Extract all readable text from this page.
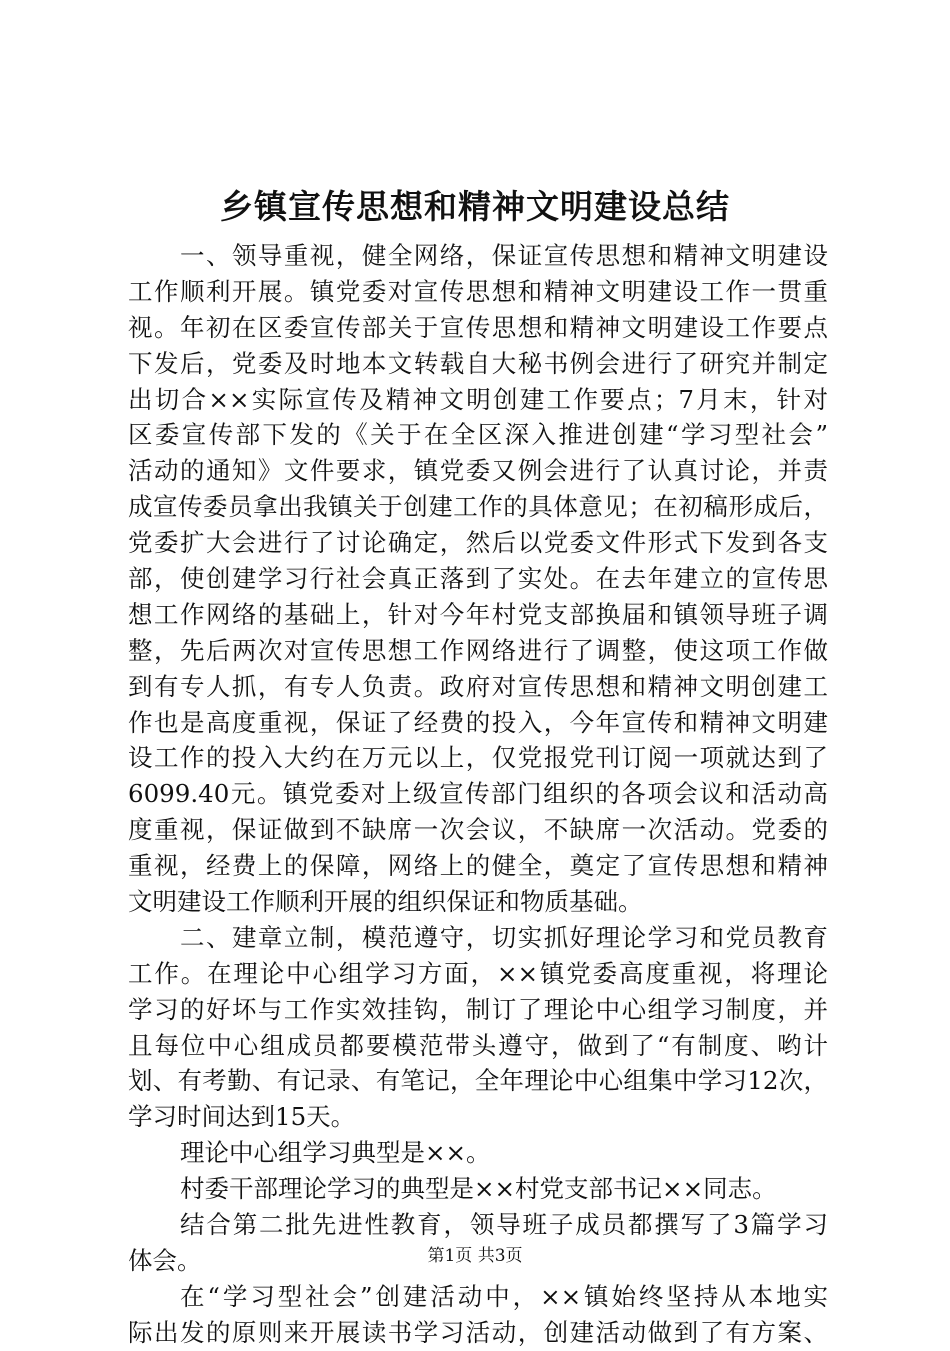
乡镇宣传思想和精神文明建设总结
一、领导重视，健全网络，保证宣传思想和精神文明建设
工作顺利开展。镇党委对宣传思想和精神文明建设工作一贯重
视。年初在区委宣传部关于宣传思想和精神文明建设工作要点
下发后，党委及时地本文转载自大秘书例会进行了研究并制定
出切合××实际宣传及精神文明创建工作要点；7月末，针对
区委宣传部下发的《关于在全区深入推进创建“学习型社会”
活动的通知》文件要求，镇党委又例会进行了认真讨论，并责
成宣传委员拿出我镇关于创建工作的具体意见；在初稿形成后，
党委扩大会进行了讨论确定，然后以党委文件形式下发到各支
部，使创建学习行社会真正落到了实处。在去年建立的宣传思
想工作网络的基础上，针对今年村党支部换届和镇领导班子调
整，先后两次对宣传思想工作网络进行了调整，使这项工作做
到有专人抓，有专人负责。政府对宣传思想和精神文明创建工
作也是高度重视，保证了经费的投入，今年宣传和精神文明建
设工作的投入大约在万元以上，仅党报党刊订阅一项就达到了
6099.40元。镇党委对上级宣传部门组织的各项会议和活动高
度重视，保证做到不缺席一次会议，不缺席一次活动。党委的
重视，经费上的保障，网络上的健全，奠定了宣传思想和精神
文明建设工作顺利开展的组织保证和物质基础。
二、建章立制，模范遵守，切实抓好理论学习和党员教育
工作。在理论中心组学习方面，××镇党委高度重视，将理论
学习的好坏与工作实效挂钩，制订了理论中心组学习制度，并
且每位中心组成员都要模范带头遵守，做到了“有制度、哟计
划、有考勤、有记录、有笔记，全年理论中心组集中学习12次，
学习时间达到15天。
理论中心组学习典型是××。
村委干部理论学习的典型是××村党支部书记××同志。
结合第二批先进性教育，领导班子成员都撰写了3篇学习
体会。
在“学习型社会”创建活动中，××镇始终坚持从本地实
际出发的原则来开展读书学习活动，创建活动做到了有方案、
第1页 共3页
